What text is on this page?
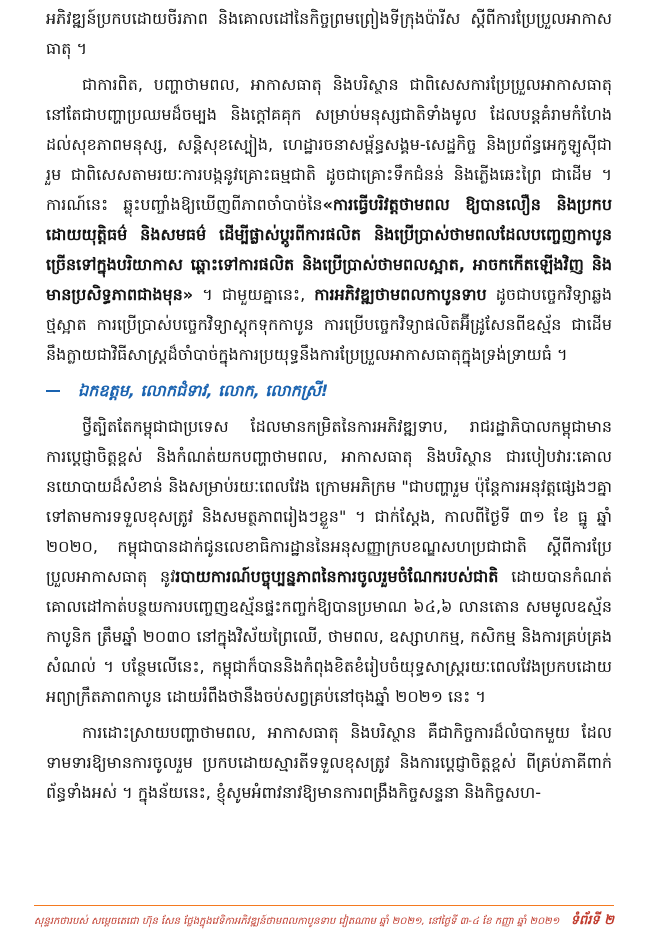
អភិវឌ្ឍន៍ប្រកបដោយចីរភាព និងគោលដៅនៃកិច្ចព្រមព្រៀងទីក្រុងប៉ារីស ស្តីពីការប្រែប្រួលអាកាសធាតុ ។

ជាការពិត, បញ្ហាថាមពល, អាកាសធាតុ និងបរិស្ថាន ជាពិសេសការប្រែប្រួលអាកាសធាតុ នៅតែជាបញ្ហាប្រឈមដ៏ចម្បង និងក្តៅគគុក សម្រាប់មនុស្សជាតិទាំងមូល ដែលបន្តគំរាមកំហែងដល់សុខភាពមនុស្ស, សន្តិសុខស្បៀង, ហេដ្ឋារចនាសម្ព័ន្ធសង្គម-សេដ្ឋកិច្ច និងប្រព័ន្ធអេកូឡូស៊ីជារួម ជាពិសេសតាមរយៈការបង្កនូវគ្រោះធម្មជាតិ ដូចជាគ្រោះទឹកជំនន់ និងភ្លើងឆេះព្រៃ ជាដើម ។ ការណ៍នេះ ឆ្លុះបញ្ចាំងឱ្យឃើញពីភាពចាំបាច់នៃ«ការធ្វើបរិវត្តថាមពល ឱ្យបានលឿន និងប្រកបដោយយុត្តិធម៌ និងសមធម៌ ដើម្បីផ្លាស់ប្តូរពីការផលិត និងប្រើប្រាស់ថាមពលដែលបញ្ចេញកាបូនច្រើនទៅក្នុងបរិយាកាស ឆ្ពោះទៅការផលិត និងប្រើប្រាស់ថាមពលស្អាត, អាចកកើតឡើងវិញ និងមានប្រសិទ្ធភាពជាងមុន» ។ ជាមួយគ្នានេះ, ការអភិវឌ្ឍថាមពលកាបូនទាប ដូចជាបច្ចេកវិទ្យាឆ្លងថ្មស្អាត ការប្រើប្រាស់បច្ចេកវិទ្យាស្តុកទុកកាបូន ការប្រើបច្ចេកវិទ្យាផលិតអ៊ីដ្រូសែនពីឧស្ម័ន ជាដើម នឹងក្លាយជាវិធីសាស្ត្រដ៏ចាំបាច់ក្នុងការប្រយុទ្ធនឹងការប្រែប្រួលអាកាសធាតុក្នុងទ្រង់ទ្រាយធំ ។

ឯកឧត្តម, លោកជំទាវ, លោក, លោកស្រី!

ថ្វីត្បិតតែកម្ពុជាជាប្រទេស ដែលមានកម្រិតនៃការអភិវឌ្ឍទាប, រាជរដ្ឋាភិបាលកម្ពុជាមានការប្តេជ្ញាចិត្តខ្ពស់ និងកំណត់យកបញ្ហាថាមពល, អាកាសធាតុ និងបរិស្ថាន ជារបៀបវារៈគោលនយោបាយដ៏សំខាន់ និងសម្រាប់រយៈពេលវែង ក្រោមអភិក្រម "ជាបញ្ហារួម ប៉ុន្តែការអនុវត្តផ្សេងៗគ្នាទៅតាមការទទួលខុសត្រូវ និងសមត្ថភាពរៀងៗខ្លួន" ។ ជាក់ស្តែង, កាលពីថ្ងៃទី ៣១ ខែ ធ្នូ ឆ្នាំ ២០២០, កម្ពុជាបានដាក់ជូនលេខាធិការដ្ឋាននៃអនុសញ្ញាក្របខណ្ឌសហប្រជាជាតិ ស្តីពីការប្រែប្រួលអាកាសធាតុ នូវរបាយការណ៍បច្ចុប្បន្នភាពនៃការចូលរួមចំណែករបស់ជាតិ ដោយបានកំណត់គោលដៅកាត់បន្ថយការបញ្ចេញឧស្ម័នផ្ទះកញ្ចក់ឱ្យបានប្រមាណ ៦៤,៦ លានតោន សមមូលឧស្ម័នកាបូនិក ត្រឹមឆ្នាំ ២០៣០ នៅក្នុងវិស័យព្រៃឈើ, ថាមពល, ឧស្សាហកម្ម, កសិកម្ម និងការគ្រប់គ្រងសំណល់ ។ បន្ថែមលើនេះ, កម្ពុជាក៏បាននិងកំពុងខិតខំរៀបចំយុទ្ធសាស្ត្ររយៈពេលវែងប្រកបដោយអព្យាក្រឹតភាពកាបូន ដោយរំពឹងថានឹងចប់សព្វគ្រប់នៅចុងឆ្នាំ ២០២១ នេះ ។

ការដោះស្រាយបញ្ហាថាមពល, អាកាសធាតុ និងបរិស្ថាន គឺជាកិច្ចការដ៏លំបាកមួយ ដែលទាមទារឱ្យមានការចូលរួម ប្រកបដោយស្មារតីទទួលខុសត្រូវ និងការប្តេជ្ញាចិត្តខ្ពស់ ពីគ្រប់ភាគីពាក់ព័ន្ធទាំងអស់ ។ ក្នុងន័យនេះ, ខ្ញុំសូមអំពាវនាវឱ្យមានការពង្រឹងកិច្ចសន្ទនា និងកិច្ចសហ-

សុន្ទរកថារបស់ សម្តេចតេជោ ហ៊ុន សែន ថ្លែងក្នុងវេទិកាអភិវឌ្ឍន៍ថាមពលកាបូនទាប វៀតណាម ឆ្នាំ ២០២១, នៅថ្ងៃទី ៣-៤ ខែ កញ្ញា ឆ្នាំ ២០២១ ទំព័រទី ២
